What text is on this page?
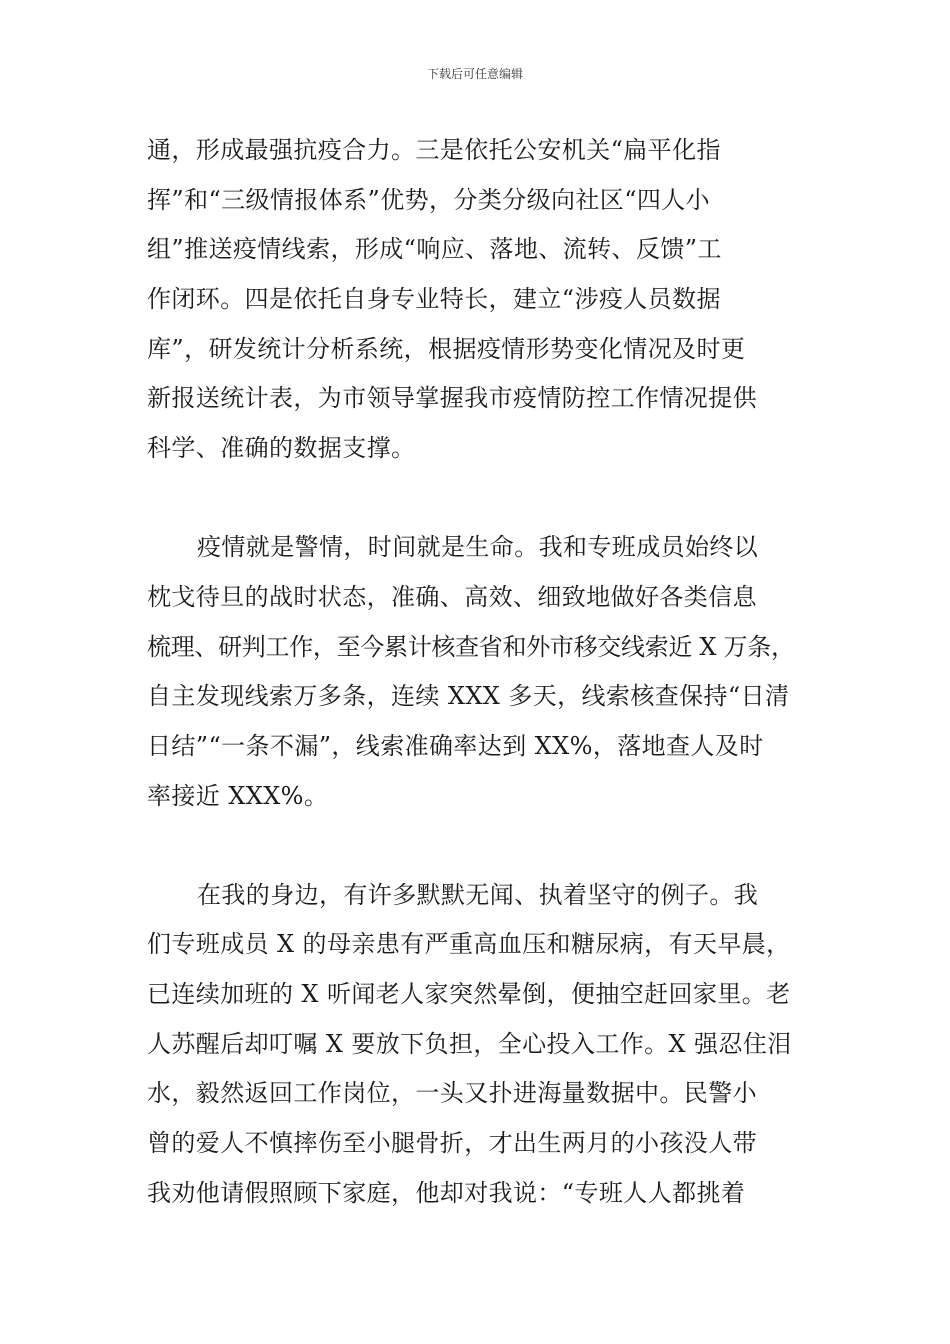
下载后可任意编辑
通，形成最强抗疫合力。三是依托公安机关“扁平化指
挥”和“三级情报体系”优势，分类分级向社区“四人小
组”推送疫情线索，形成“响应、落地、流转、反馈”工
作闭环。四是依托自身专业特长，建立“涉疫人员数据
库”，研发统计分析系统，根据疫情形势变化情况及时更
新报送统计表，为市领导掌握我市疫情防控工作情况提供
科学、准确的数据支撑。
疫情就是警情，时间就是生命。我和专班成员始终以
枕戈待旦的战时状态，准确、高效、细致地做好各类信息
梳理、研判工作，至今累计核查省和外市移交线索近 X 万条，
自主发现线索万多条，连续 XXX 多天，线索核查保持“日清
日结”“一条不漏”，线索准确率达到 XX%，落地查人及时
率接近 XXX%。
在我的身边，有许多默默无闻、执着坚守的例子。我
们专班成员 X 的母亲患有严重高血压和糖尿病，有天早晨，
已连续加班的 X 听闻老人家突然晕倒，便抽空赶回家里。老
人苏醒后却叮嘱 X 要放下负担，全心投入工作。X 强忍住泪
水，毅然返回工作岗位，一头又扑进海量数据中。民警小
曾的爱人不慎摔伤至小腿骨折，才出生两月的小孩没人带
我劝他请假照顾下家庭，他却对我说：“专班人人都挑着
